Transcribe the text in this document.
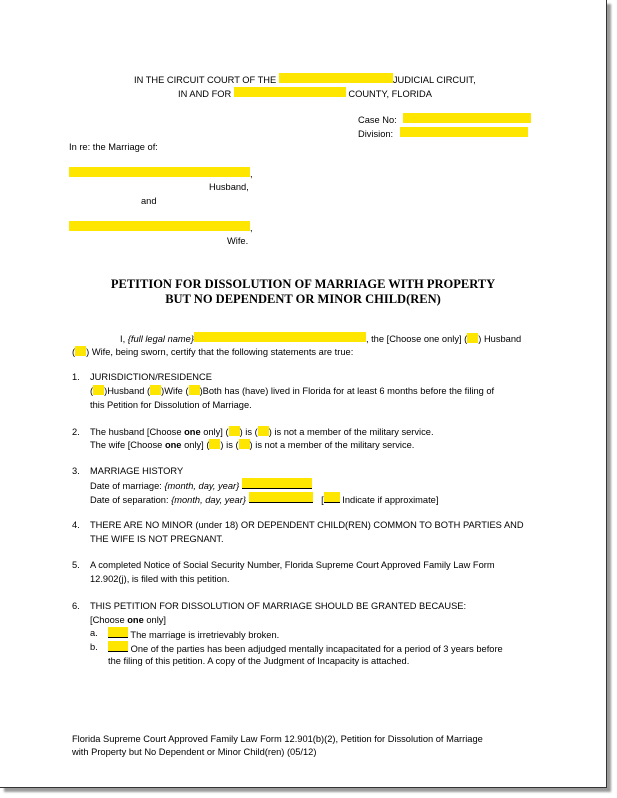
IN THE CIRCUIT COURT OF THE	JUDICIAL CIRCUIT,
IN AND FOR	COUNTY, FLORIDA
Case No:
Division:
In re: the Marriage of:
,
Husband,
and
,
Wife.
PETITION FOR DISSOLUTION OF MARRIAGE WITH PROPERTY
BUT NO DEPENDENT OR MINOR CHILD(REN)
I, {full legal name}	, the [Choose one only] ( ) Husband
( ) Wife, being sworn, certify that the following statements are true:
1. JURISDICTION/RESIDENCE
( )Husband ( )Wife ( )Both has (have) lived in Florida for at least 6 months before the filing of
this Petition for Dissolution of Marriage.
2. The husband [Choose one only] ( ) is ( ) is not a member of the military service.
The wife [Choose one only] ( ) is ( ) is not a member of the military service.
3. MARRIAGE HISTORY
Date of marriage: {month, day, year}
Date of separation: {month, day, year}	[ Indicate if approximate]
4. THERE ARE NO MINOR (under 18) OR DEPENDENT CHILD(REN) COMMON TO BOTH PARTIES AND
THE WIFE IS NOT PREGNANT.
5. A completed Notice of Social Security Number, Florida Supreme Court Approved Family Law Form
12.902(j), is filed with this petition.
6. THIS PETITION FOR DISSOLUTION OF MARRIAGE SHOULD BE GRANTED BECAUSE:
[Choose one only]
a.	The marriage is irretrievably broken.
b.	One of the parties has been adjudged mentally incapacitated for a period of 3 years before
the filing of this petition. A copy of the Judgment of Incapacity is attached.
Florida Supreme Court Approved Family Law Form 12.901(b)(2), Petition for Dissolution of Marriage
with Property but No Dependent or Minor Child(ren) (05/12)
